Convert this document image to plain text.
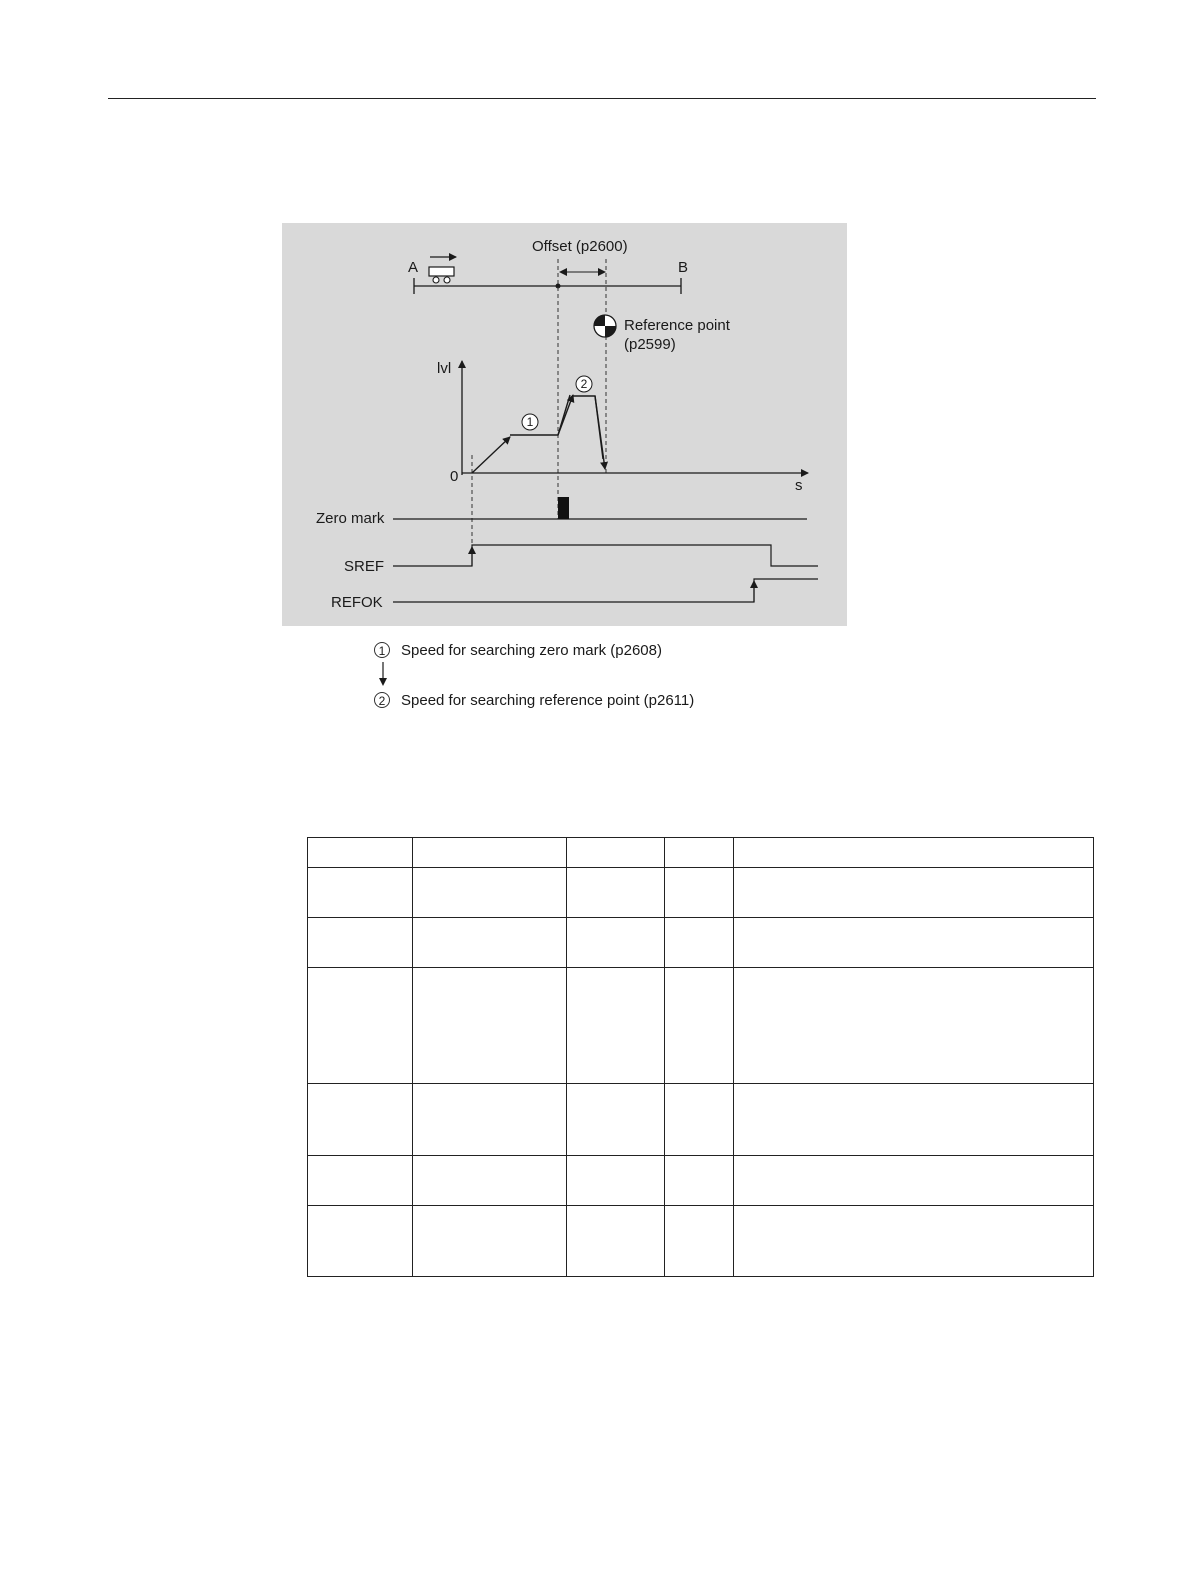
Offset (p2600)
A	B
Reference point
(p2599)
lvl
s
0
1
2
Zero mark
SREF
REFOK
1	Speed for searching zero mark (p2608)
2	Speed for searching reference point (p2611)
